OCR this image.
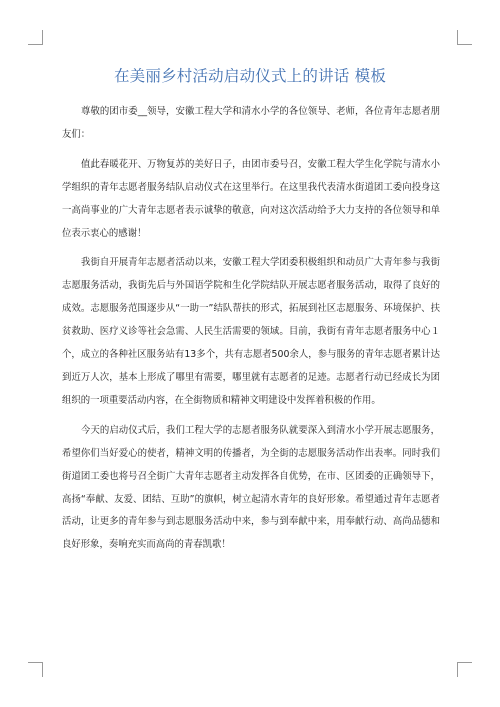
在美丽乡村活动启动仪式上的讲话 模板

尊敬的团市委__领导，安徽工程大学和清水小学的各位领导、老师，各位青年志愿者朋友们：

值此春暖花开、万物复苏的美好日子，由团市委号召，安徽工程大学生化学院与清水小学组织的青年志愿者服务结队启动仪式在这里举行。在这里我代表清水街道团工委向投身这一高尚事业的广大青年志愿者表示诚挚的敬意，向对这次活动给予大力支持的各位领导和单位表示衷心的感谢！

我街自开展青年志愿者活动以来，安徽工程大学团委积极组织和动员广大青年参与我街志愿服务活动，我街先后与外国语学院和生化学院结队开展志愿者服务活动，取得了良好的成效。志愿服务范围逐步从“一助一”结队帮扶的形式，拓展到社区志愿服务、环境保护、扶贫救助、医疗义诊等社会急需、人民生活需要的领域。目前，我街有青年志愿者服务中心１个，成立的各种社区服务站有13多个，共有志愿者500余人，参与服务的青年志愿者累计达到近万人次，基本上形成了哪里有需要，哪里就有志愿者的足迹。志愿者行动已经成长为团组织的一项重要活动内容，在全街物质和精神文明建设中发挥着积极的作用。

今天的启动仪式后，我们工程大学的志愿者服务队就要深入到清水小学开展志愿服务，希望你们当好爱心的使者，精神文明的传播者，为全街的志愿服务活动作出表率。同时我们街道团工委也将号召全街广大青年志愿者主动发挥各自优势，在市、区团委的正确领导下，高扬“奉献、友爱、团结、互助”的旗帜，树立起清水青年的良好形象。希望通过青年志愿者活动，让更多的青年参与到志愿服务活动中来，参与到奉献中来，用奉献行动、高尚品德和良好形象，奏响充实而高尚的青春凯歌！
